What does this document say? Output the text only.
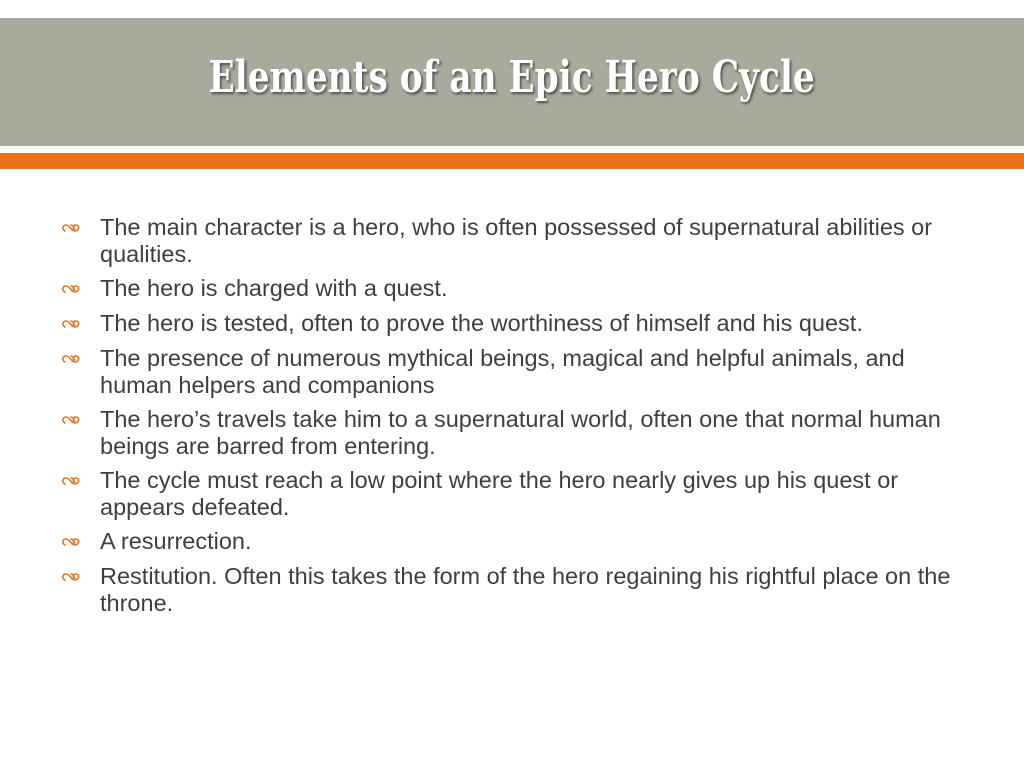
Elements of an Epic Hero Cycle
The main character is a hero, who is often possessed of supernatural abilities or qualities.
The hero is charged with a quest.
The hero is tested, often to prove the worthiness of himself and his quest.
The presence of numerous mythical beings, magical and helpful animals, and human helpers and companions
The hero’s travels take him to a supernatural world, often one that normal human beings are barred from entering.
The cycle must reach a low point where the hero nearly gives up his quest or appears defeated.
A resurrection.
Restitution. Often this takes the form of the hero regaining his rightful place on the throne.
